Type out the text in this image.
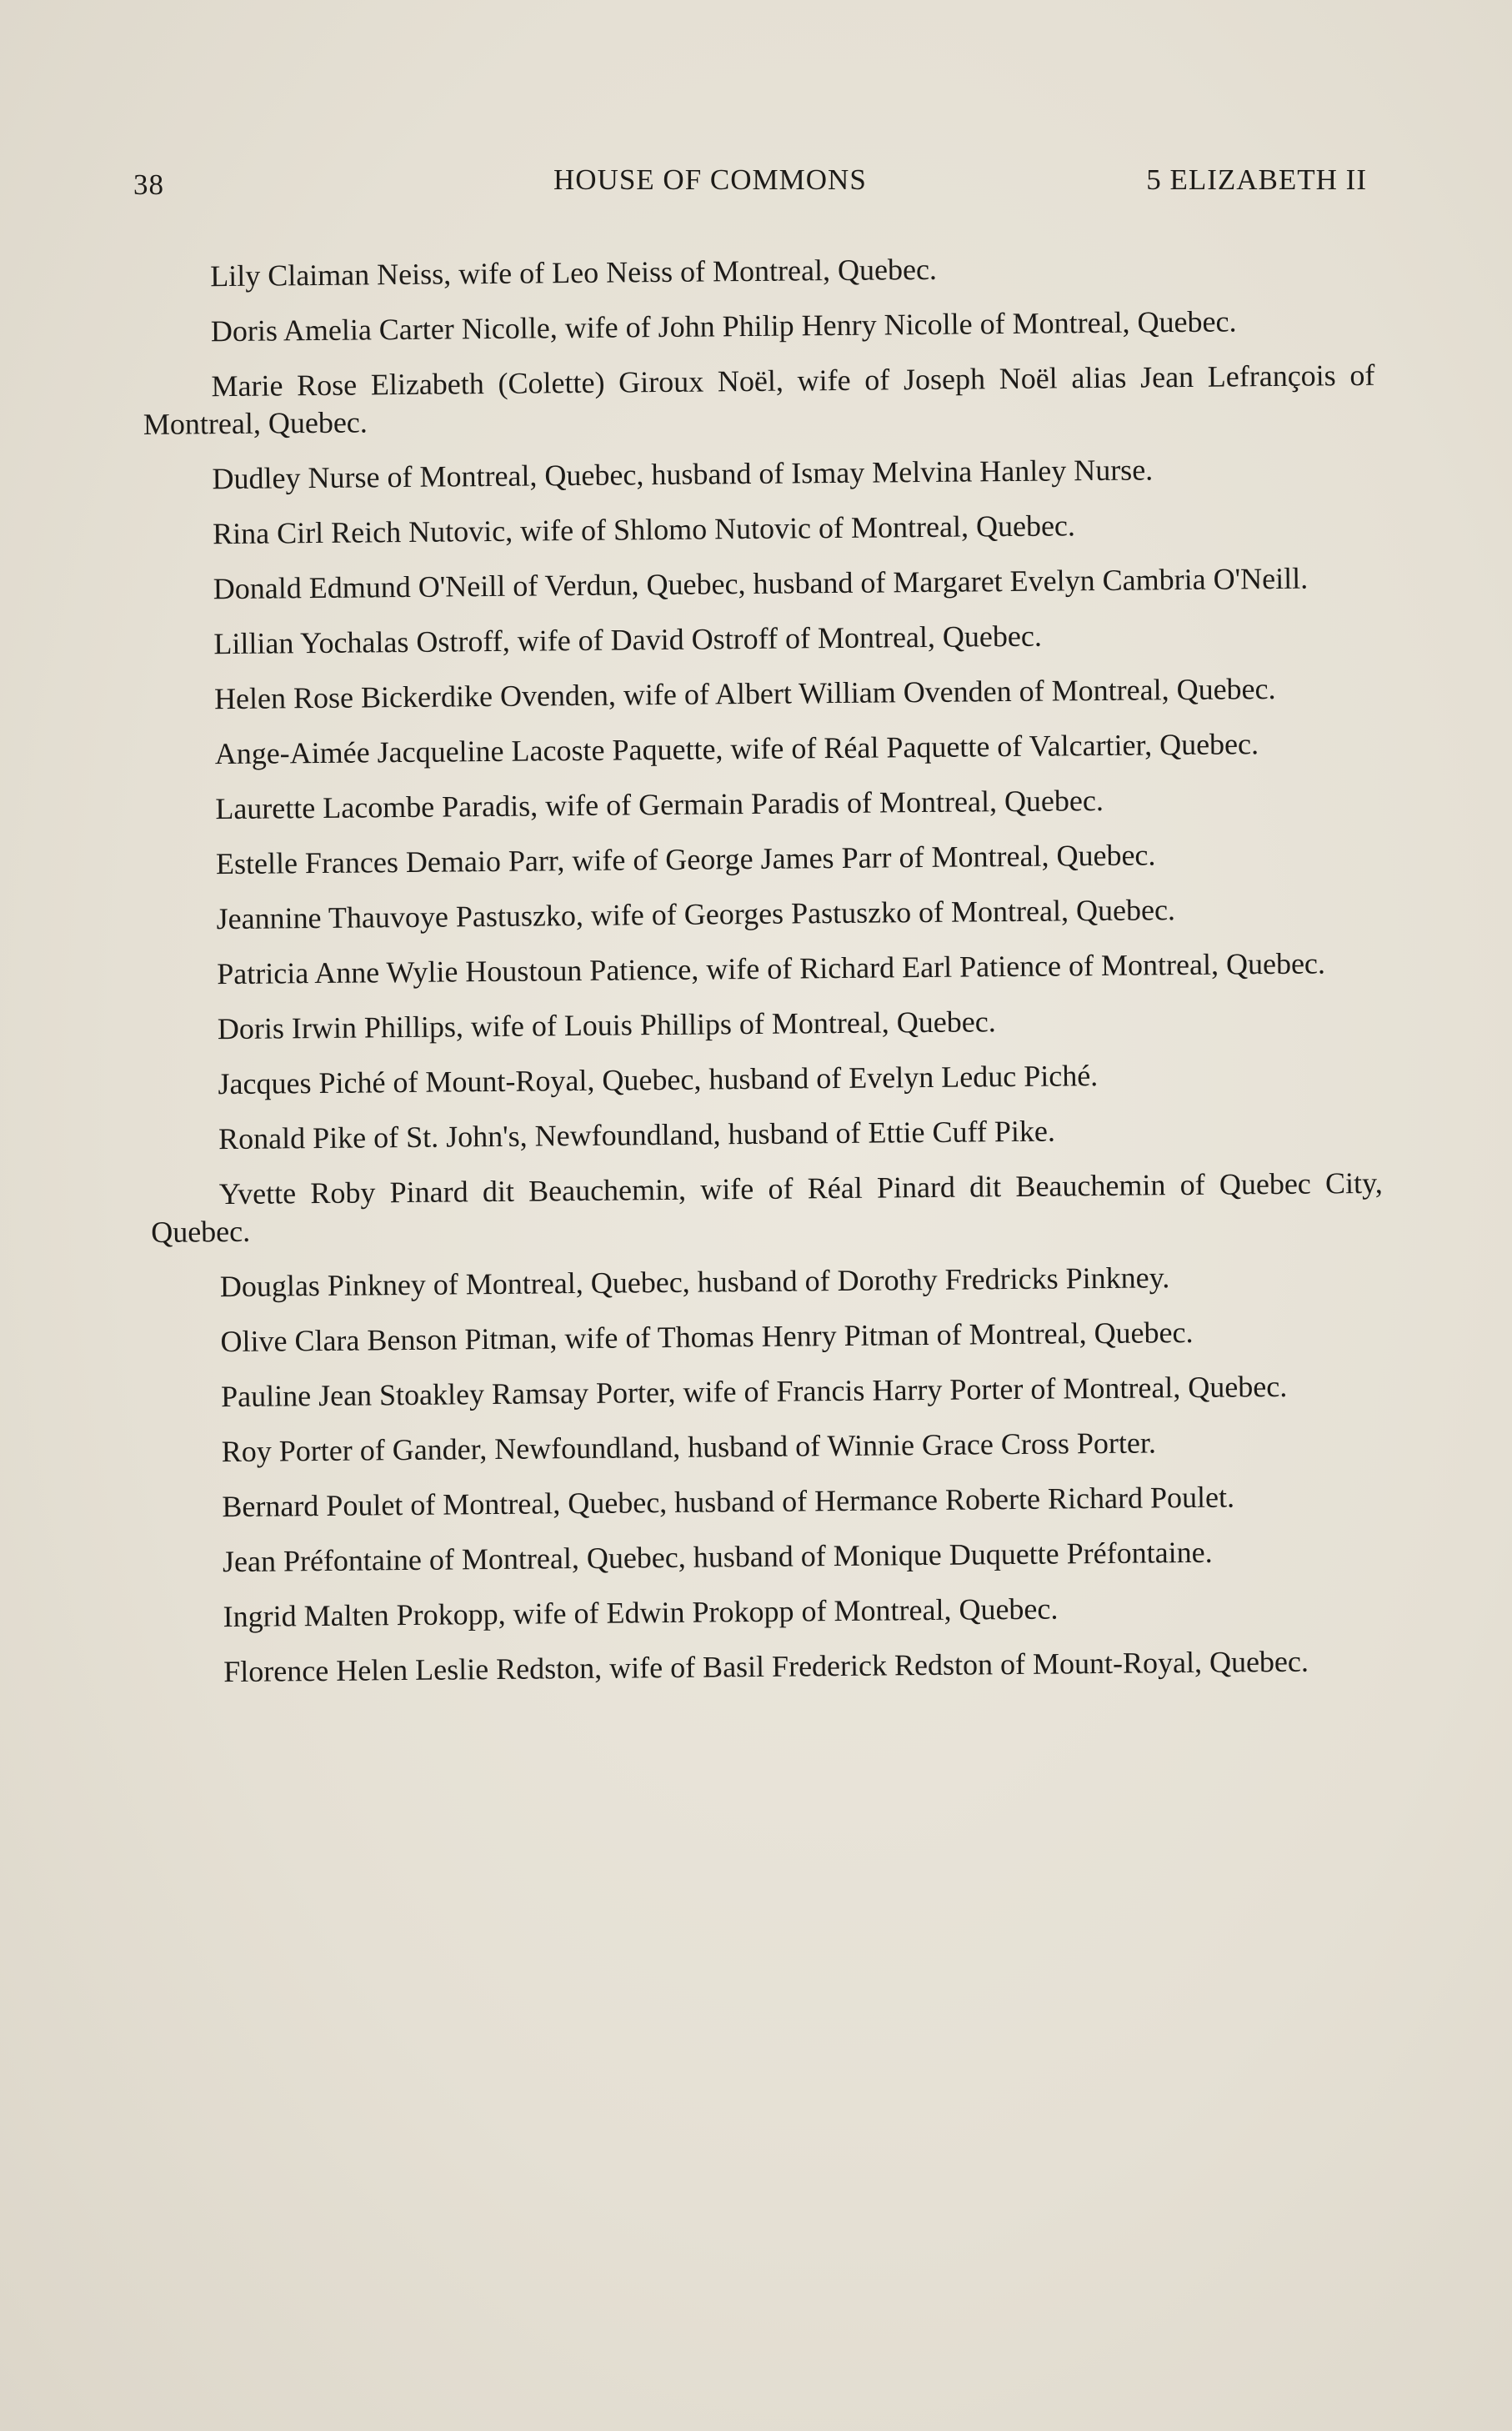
38	HOUSE OF COMMONS	5 ELIZABETH II

Lily Claiman Neiss, wife of Leo Neiss of Montreal, Quebec.

Doris Amelia Carter Nicolle, wife of John Philip Henry Nicolle of Montreal, Quebec.

Marie Rose Elizabeth (Colette) Giroux Noël, wife of Joseph Noël alias Jean Lefrançois of Montreal, Quebec.

Dudley Nurse of Montreal, Quebec, husband of Ismay Melvina Hanley Nurse.

Rina Cirl Reich Nutovic, wife of Shlomo Nutovic of Montreal, Quebec.

Donald Edmund O'Neill of Verdun, Quebec, husband of Margaret Evelyn Cambria O'Neill.

Lillian Yochalas Ostroff, wife of David Ostroff of Montreal, Quebec.

Helen Rose Bickerdike Ovenden, wife of Albert William Ovenden of Montreal, Quebec.

Ange-Aimée Jacqueline Lacoste Paquette, wife of Réal Paquette of Valcartier, Quebec.

Laurette Lacombe Paradis, wife of Germain Paradis of Montreal, Quebec.

Estelle Frances Demaio Parr, wife of George James Parr of Montreal, Quebec.

Jeannine Thauvoye Pastuszko, wife of Georges Pastuszko of Montreal, Quebec.

Patricia Anne Wylie Houstoun Patience, wife of Richard Earl Patience of Montreal, Quebec.

Doris Irwin Phillips, wife of Louis Phillips of Montreal, Quebec.

Jacques Piché of Mount-Royal, Quebec, husband of Evelyn Leduc Piché.

Ronald Pike of St. John's, Newfoundland, husband of Ettie Cuff Pike.

Yvette Roby Pinard dit Beauchemin, wife of Réal Pinard dit Beauchemin of Quebec City, Quebec.

Douglas Pinkney of Montreal, Quebec, husband of Dorothy Fredricks Pinkney.

Olive Clara Benson Pitman, wife of Thomas Henry Pitman of Montreal, Quebec.

Pauline Jean Stoakley Ramsay Porter, wife of Francis Harry Porter of Montreal, Quebec.

Roy Porter of Gander, Newfoundland, husband of Winnie Grace Cross Porter.

Bernard Poulet of Montreal, Quebec, husband of Hermance Roberte Richard Poulet.

Jean Préfontaine of Montreal, Quebec, husband of Monique Duquette Préfontaine.

Ingrid Malten Prokopp, wife of Edwin Prokopp of Montreal, Quebec.

Florence Helen Leslie Redston, wife of Basil Frederick Redston of Mount-Royal, Quebec.
